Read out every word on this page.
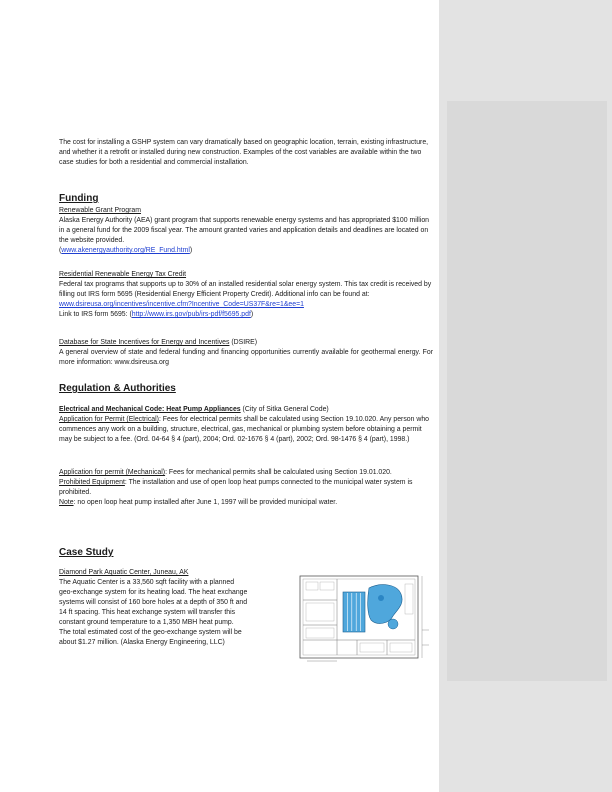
The cost for installing a GSHP system can vary dramatically based on geographic location, terrain, existing infrastructure, and whether it a retrofit or installed during new construction. Examples of the cost variables are available within the two case studies for both a residential and commercial installation.

Funding

Renewable Grant Program

Alaska Energy Authority (AEA) grant program that supports renewable energy systems and has appropriated $100 million in a general fund for the 2009 fiscal year. The amount granted varies and application details and deadlines are located on the website provided.

(www.akenergyauthority.org/RE_Fund.html)

Residential Renewable Energy Tax Credit

Federal tax programs that supports up to 30% of an installed residential solar energy system. This tax credit is received by filling out IRS form 5695 (Residential Energy Efficient Property Credit). Additional info can be found at: www.dsireusa.org/incentives/incentive.cfm?Incentive_Code=US37F&re=1&ee=1

Link to IRS form 5695: (http://www.irs.gov/pub/irs-pdf/f5695.pdf)

Database for State Incentives for Energy and Incentives (DSIRE)

A general overview of state and federal funding and financing opportunities currently available for geothermal energy. For more information: www.dsireusa.org

Regulation & Authorities

Electrical and Mechanical Code: Heat Pump Appliances (City of Sitka General Code)

Application for Permit (Electrical): Fees for electrical permits shall be calculated using Section 19.10.020. Any person who commences any work on a building, structure, electrical, gas, mechanical or plumbing system before obtaining a permit may be subject to a fee. (Ord. 04-64 § 4 (part), 2004; Ord. 02-1676 § 4 (part), 2002; Ord. 98-1476 § 4 (part), 1998.)

Application for permit (Mechanical): Fees for mechanical permits shall be calculated using Section 19.01.020.

Prohibited Equipment: The installation and use of open loop heat pumps connected to the municipal water system is prohibited.

Note: no open loop heat pump installed after June 1, 1997 will be provided municipal water.

Case Study

Diamond Park Aquatic Center, Juneau, AK

The Aquatic Center is a 33,560 sqft facility with a planned

geo-exchange system for its heating load. The heat exchange

systems will consist of 160 bore holes at a depth of 350 ft and

14 ft spacing. This heat exchange system will transfer this

constant ground temperature to a 1,350 MBH heat pump.

The total estimated cost of the geo-exchange system will be

about $1.27 million. (Alaska Energy Engineering, LLC)
